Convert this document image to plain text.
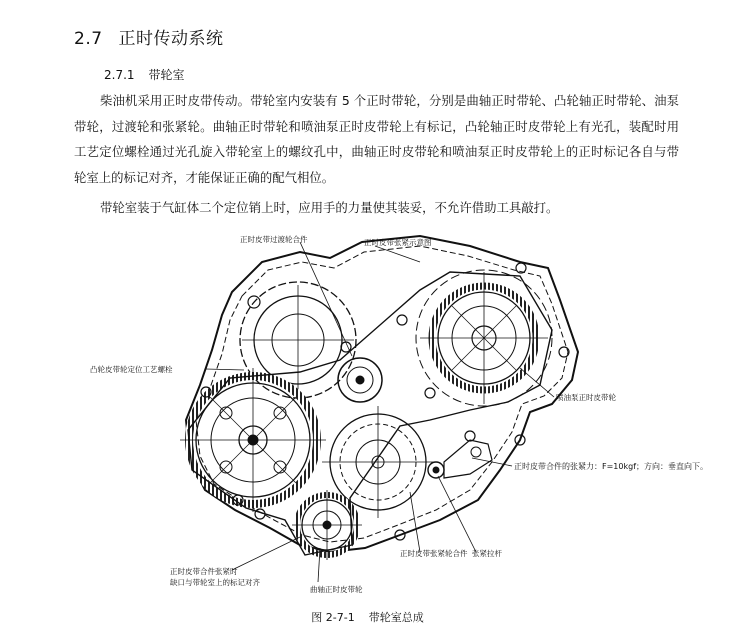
2.7 正时传动系统
2.7.1 带轮室
柴油机采用正时皮带传动。带轮室内安装有 5 个正时带轮，分别是曲轴正时带轮、凸轮轴正时带轮、油泵带轮，过渡轮和张紧轮。曲轴正时带轮和喷油泵正时皮带轮上有标记，凸轮轴正时皮带轮上有光孔，装配时用工艺定位螺栓通过光孔旋入带轮室上的螺纹孔中，曲轴正时皮带轮和喷油泵正时皮带轮上的正时标记各自与带轮室上的标记对齐，才能保证正确的配气相位。
带轮室装于气缸体二个定位销上时，应用手的力量使其装妥，不允许借助工具敲打。
正时皮带过渡轮合件	正时皮带张紧示意图
凸轮皮带轮定位工艺螺栓
喷油泵正时皮带轮
正时皮带合件的张紧力：F=10kgf；方向：垂直向下。
正时皮带张紧轮合件 张紧拉杆
正时皮带合件张紧时
缺口与带轮室上的标记对齐
曲轴正时皮带轮
图 2-7-1 带轮室总成
